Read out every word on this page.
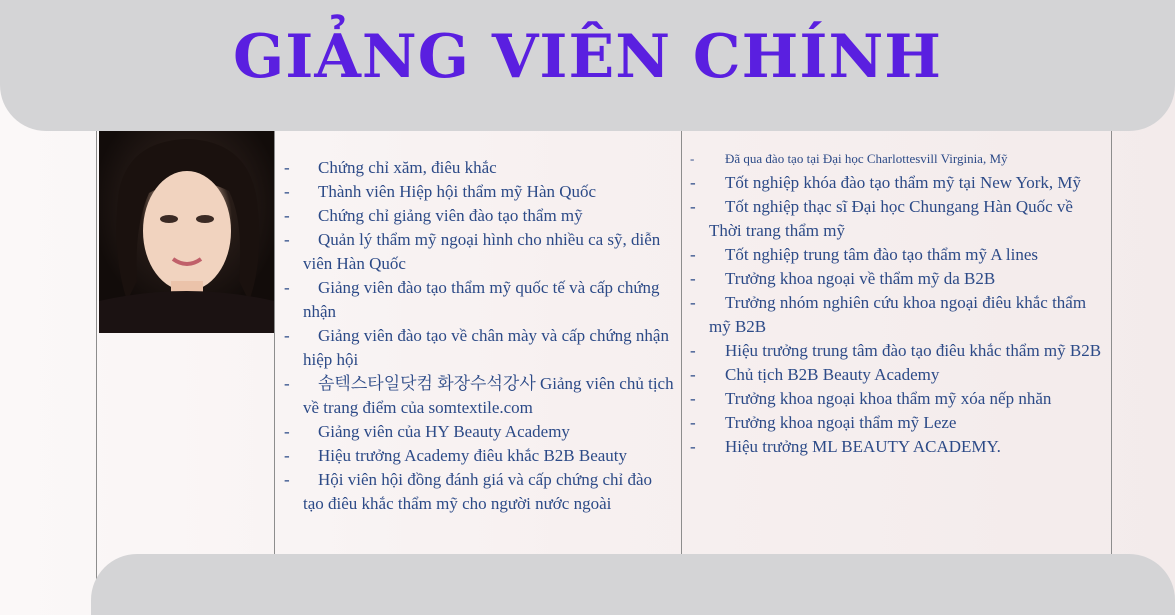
GIẢNG VIÊN CHÍNH
- Chứng chỉ xăm, điêu khắc
- Thành viên Hiệp hội thẩm mỹ Hàn Quốc
- Chứng chỉ giảng viên đào tạo thẩm mỹ
- Quản lý thẩm mỹ ngoại hình cho nhiều ca sỹ, diễn viên Hàn Quốc
- Giảng viên đào tạo thẩm mỹ quốc tế và cấp chứng nhận
- Giảng viên đào tạo về chân mày và cấp chứng nhận hiệp hội
- 솜텍스타일닷컴 화장수석강사 Giảng viên chủ tịch về trang điểm của somtextile.com
- Giảng viên của HY Beauty Academy
- Hiệu trưởng Academy điêu khắc B2B Beauty
- Hội viên hội đồng đánh giá và cấp chứng chỉ đào tạo điêu khắc thẩm mỹ cho người nước ngoài
- Đã qua đào tạo tại Đại học Charlottesvill Virginia, Mỹ
- Tốt nghiệp khóa đào tạo thẩm mỹ tại New York, Mỹ
- Tốt nghiệp thạc sĩ Đại học Chungang Hàn Quốc về Thời trang thẩm mỹ
- Tốt nghiệp trung tâm đào tạo thẩm mỹ A lines
- Trưởng khoa ngoại về thẩm mỹ da B2B
- Trưởng nhóm nghiên cứu khoa ngoại điêu khắc thẩm mỹ B2B
- Hiệu trưởng trung tâm đào tạo điêu khắc thẩm mỹ B2B
- Chủ tịch B2B Beauty Academy
- Trưởng khoa ngoại khoa thẩm mỹ xóa nếp nhăn
- Trưởng khoa ngoại thẩm mỹ Leze
- Hiệu trưởng ML BEAUTY ACADEMY.
